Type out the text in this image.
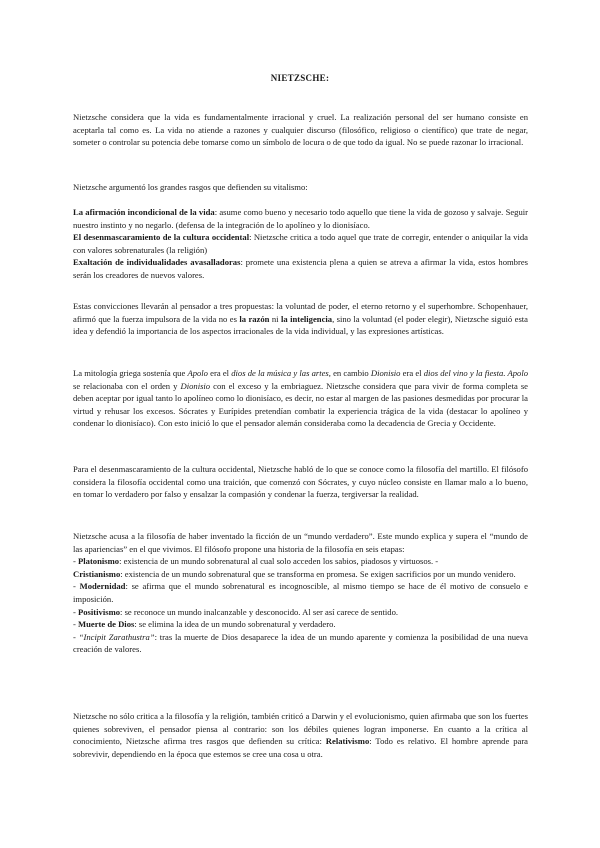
NIETZSCHE:

Nietzsche considera que la vida es fundamentalmente irracional y cruel. La realización personal del ser humano consiste en aceptarla tal como es. La vida no atiende a razones y cualquier discurso (filosófico, religioso o científico) que trate de negar, someter o controlar su potencia debe tomarse como un símbolo de locura o de que todo da igual. No se puede razonar lo irracional.

Nietzsche argumentó los grandes rasgos que defienden su vitalismo:

La afirmación incondicional de la vida: asume como bueno y necesario todo aquello que tiene la vida de gozoso y salvaje. Seguir nuestro instinto y no negarlo. (defensa de la integración de lo apolíneo y lo dionisíaco.

El desenmascaramiento de la cultura occidental: Nietzsche critica a todo aquel que trate de corregir, entender o aniquilar la vida con valores sobrenaturales (la religión)

Exaltación de individualidades avasalladoras: promete una existencia plena a quien se atreva a afirmar la vida, estos hombres serán los creadores de nuevos valores.

Estas convicciones llevarán al pensador a tres propuestas: la voluntad de poder, el eterno retorno y el superhombre. Schopenhauer, afirmó que la fuerza impulsora de la vida no es la razón ni la inteligencia, sino la voluntad (el poder elegir), Nietzsche siguió esta idea y defendió la importancia de los aspectos irracionales de la vida individual, y las expresiones artísticas.

La mitología griega sostenía que Apolo era el dios de la música y las artes, en cambio Dionisio era el dios del vino y la fiesta. Apolo se relacionaba con el orden y Dionisio con el exceso y la embriaguez. Nietzsche considera que para vivir de forma completa se deben aceptar por igual tanto lo apolíneo como lo dionisíaco, es decir, no estar al margen de las pasiones desmedidas por procurar la virtud y rehusar los excesos. Sócrates y Eurípides pretendían combatir la experiencia trágica de la vida (destacar lo apolíneo y condenar lo dionisíaco). Con esto inició lo que el pensador alemán consideraba como la decadencia de Grecia y Occidente.

Para el desenmascaramiento de la cultura occidental, Nietzsche habló de lo que se conoce como la filosofía del martillo. El filósofo considera la filosofía occidental como una traición, que comenzó con Sócrates, y cuyo núcleo consiste en llamar malo a lo bueno, en tomar lo verdadero por falso y ensalzar la compasión y condenar la fuerza, tergiversar la realidad.

Nietzsche acusa a la filosofía de haber inventado la ficción de un “mundo verdadero”. Este mundo explica y supera el “mundo de las apariencias” en el que vivimos. El filósofo propone una historia de la filosofía en seis etapas:

- Platonismo: existencia de un mundo sobrenatural al cual solo acceden los sabios, piadosos y virtuosos. -

Cristianismo: existencia de un mundo sobrenatural que se transforma en promesa. Se exigen sacrificios por un mundo venidero.

- Modernidad: se afirma que el mundo sobrenatural es incognoscible, al mismo tiempo se hace de él motivo de consuelo e imposición.

- Positivismo: se reconoce un mundo inalcanzable y desconocido. Al ser así carece de sentido.

- Muerte de Dios: se elimina la idea de un mundo sobrenatural y verdadero.

- “Incipit Zarathustra”: tras la muerte de Dios desaparece la idea de un mundo aparente y comienza la posibilidad de una nueva creación de valores.

Nietzsche no sólo critica a la filosofía y la religión, también criticó a Darwin y el evolucionismo, quien afirmaba que son los fuertes quienes sobreviven, el pensador piensa al contrario: son los débiles quienes logran imponerse. En cuanto a la crítica al conocimiento, Nietzsche afirma tres rasgos que defienden su crítica: Relativismo: Todo es relativo. El hombre aprende para sobrevivir, dependiendo en la época que estemos se cree una cosa u otra.
